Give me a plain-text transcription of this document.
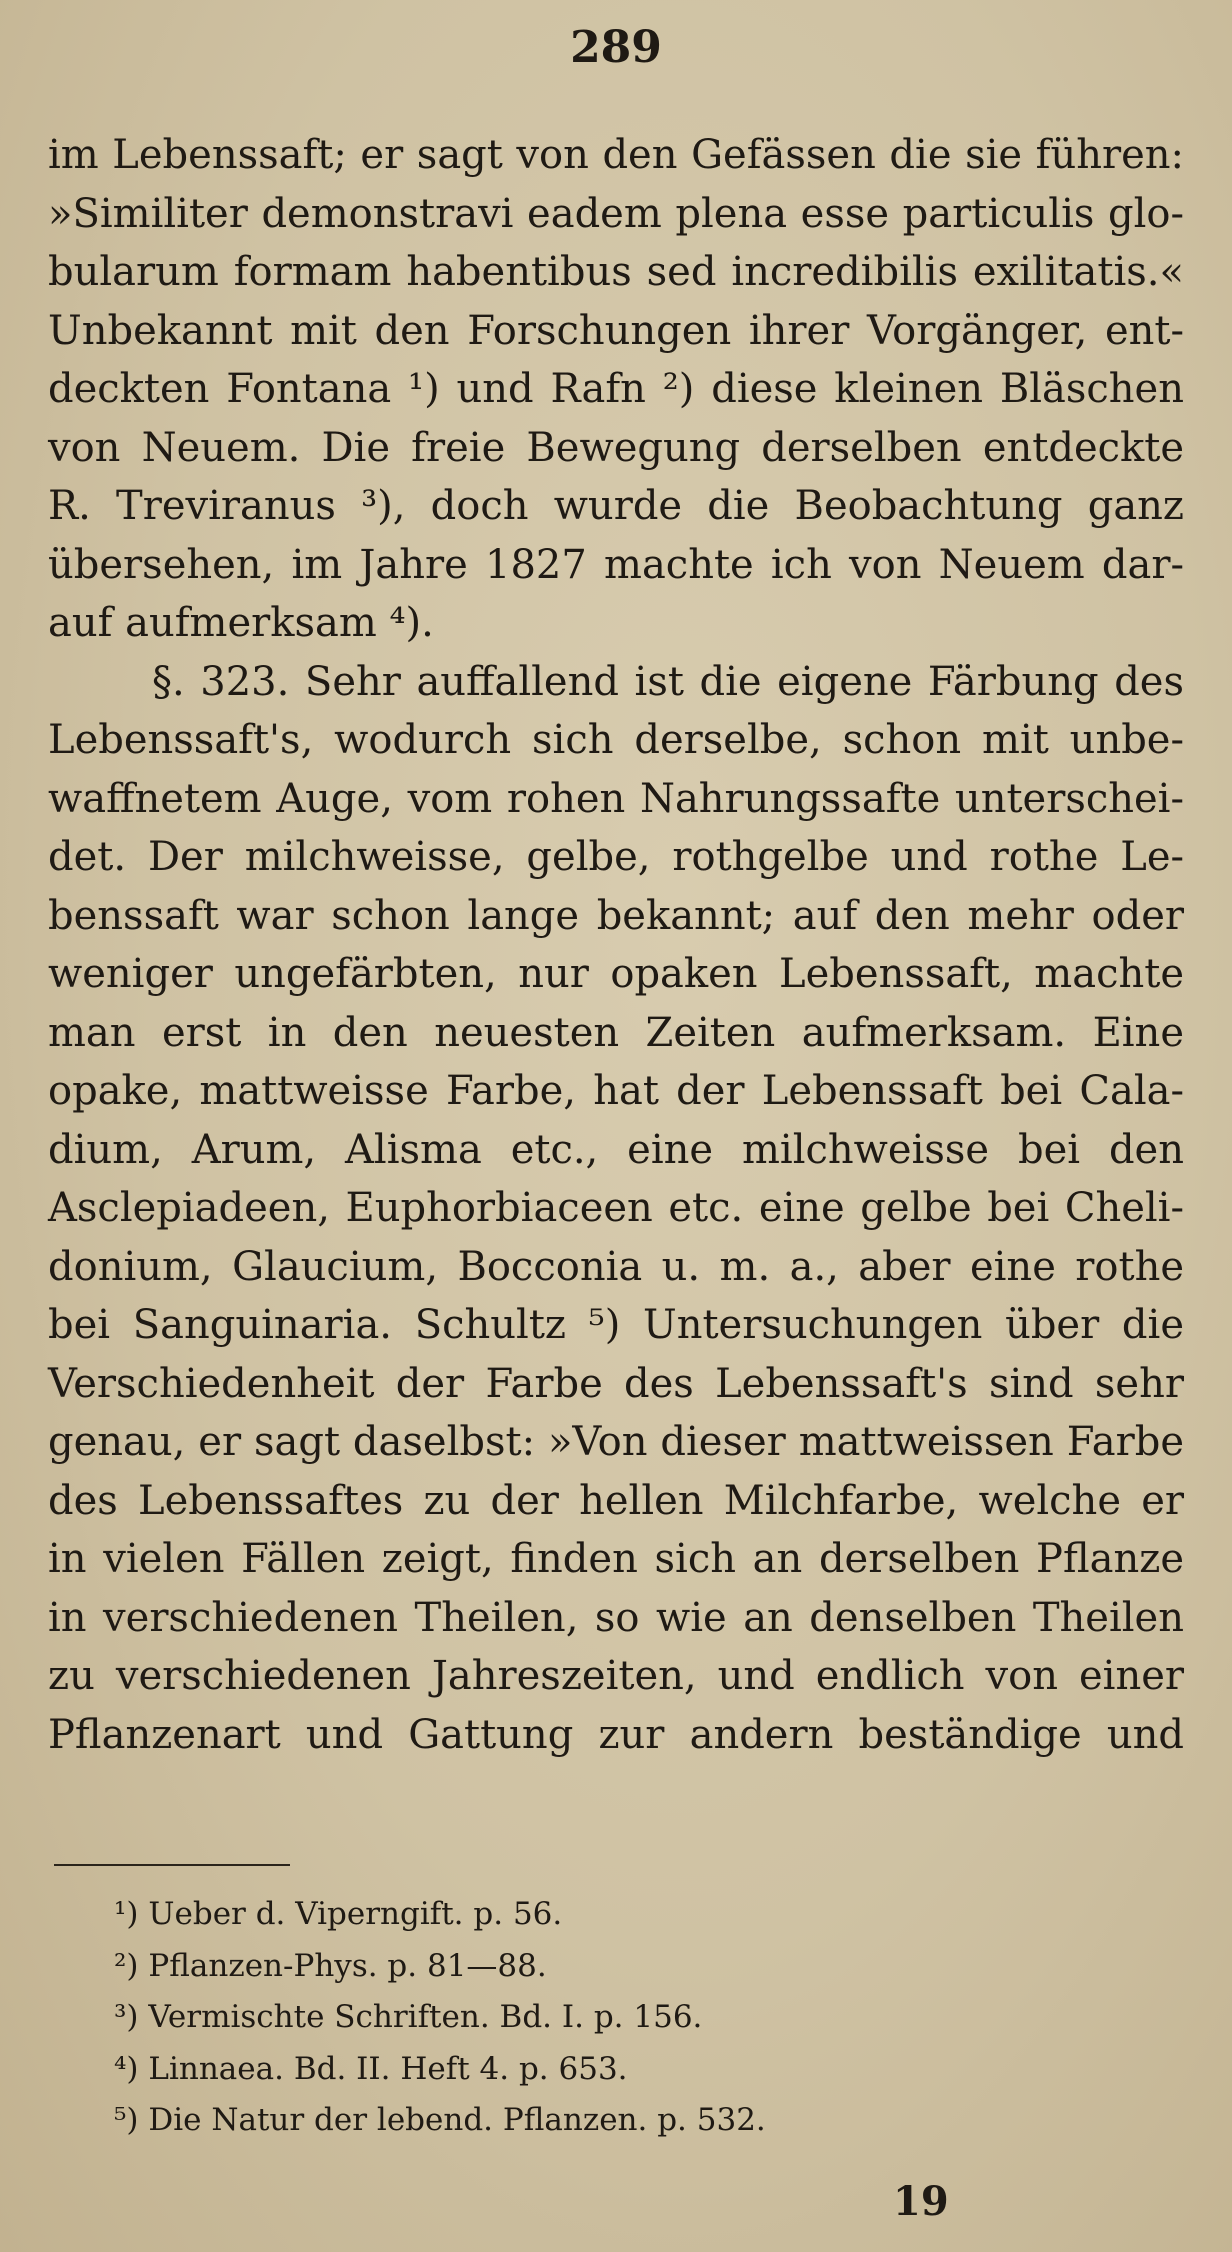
289
im Lebenssaft; er sagt von den Gefässen die sie führen:
»Similiter demonstravi eadem plena esse particulis glo-
bularum formam habentibus sed incredibilis exilitatis.«
Unbekannt mit den Forschungen ihrer Vorgänger, ent-
deckten Fontana ¹) und Rafn ²) diese kleinen Bläschen
von Neuem. Die freie Bewegung derselben entdeckte
R. Treviranus ³), doch wurde die Beobachtung ganz
übersehen, im Jahre 1827 machte ich von Neuem dar-
auf aufmerksam ⁴).
§. 323. Sehr auffallend ist die eigene Färbung des
Lebenssaft's, wodurch sich derselbe, schon mit unbe-
waffnetem Auge, vom rohen Nahrungssafte unterschei-
det. Der milchweisse, gelbe, rothgelbe und rothe Le-
benssaft war schon lange bekannt; auf den mehr oder
weniger ungefärbten, nur opaken Lebenssaft, machte
man erst in den neuesten Zeiten aufmerksam. Eine
opake, mattweisse Farbe, hat der Lebenssaft bei Cala-
dium, Arum, Alisma etc., eine milchweisse bei den
Asclepiadeen, Euphorbiaceen etc. eine gelbe bei Cheli-
donium, Glaucium, Bocconia u. m. a., aber eine rothe
bei Sanguinaria. Schultz ⁵) Untersuchungen über die
Verschiedenheit der Farbe des Lebenssaft's sind sehr
genau, er sagt daselbst: »Von dieser mattweissen Farbe
des Lebenssaftes zu der hellen Milchfarbe, welche er
in vielen Fällen zeigt, finden sich an derselben Pflanze
in verschiedenen Theilen, so wie an denselben Theilen
zu verschiedenen Jahreszeiten, und endlich von einer
Pflanzenart und Gattung zur andern beständige und
¹) Ueber d. Viperngift. p. 56.
²) Pflanzen-Phys. p. 81—88.
³) Vermischte Schriften. Bd. I. p. 156.
⁴) Linnaea. Bd. II. Heft 4. p. 653.
⁵) Die Natur der lebend. Pflanzen. p. 532.
19
